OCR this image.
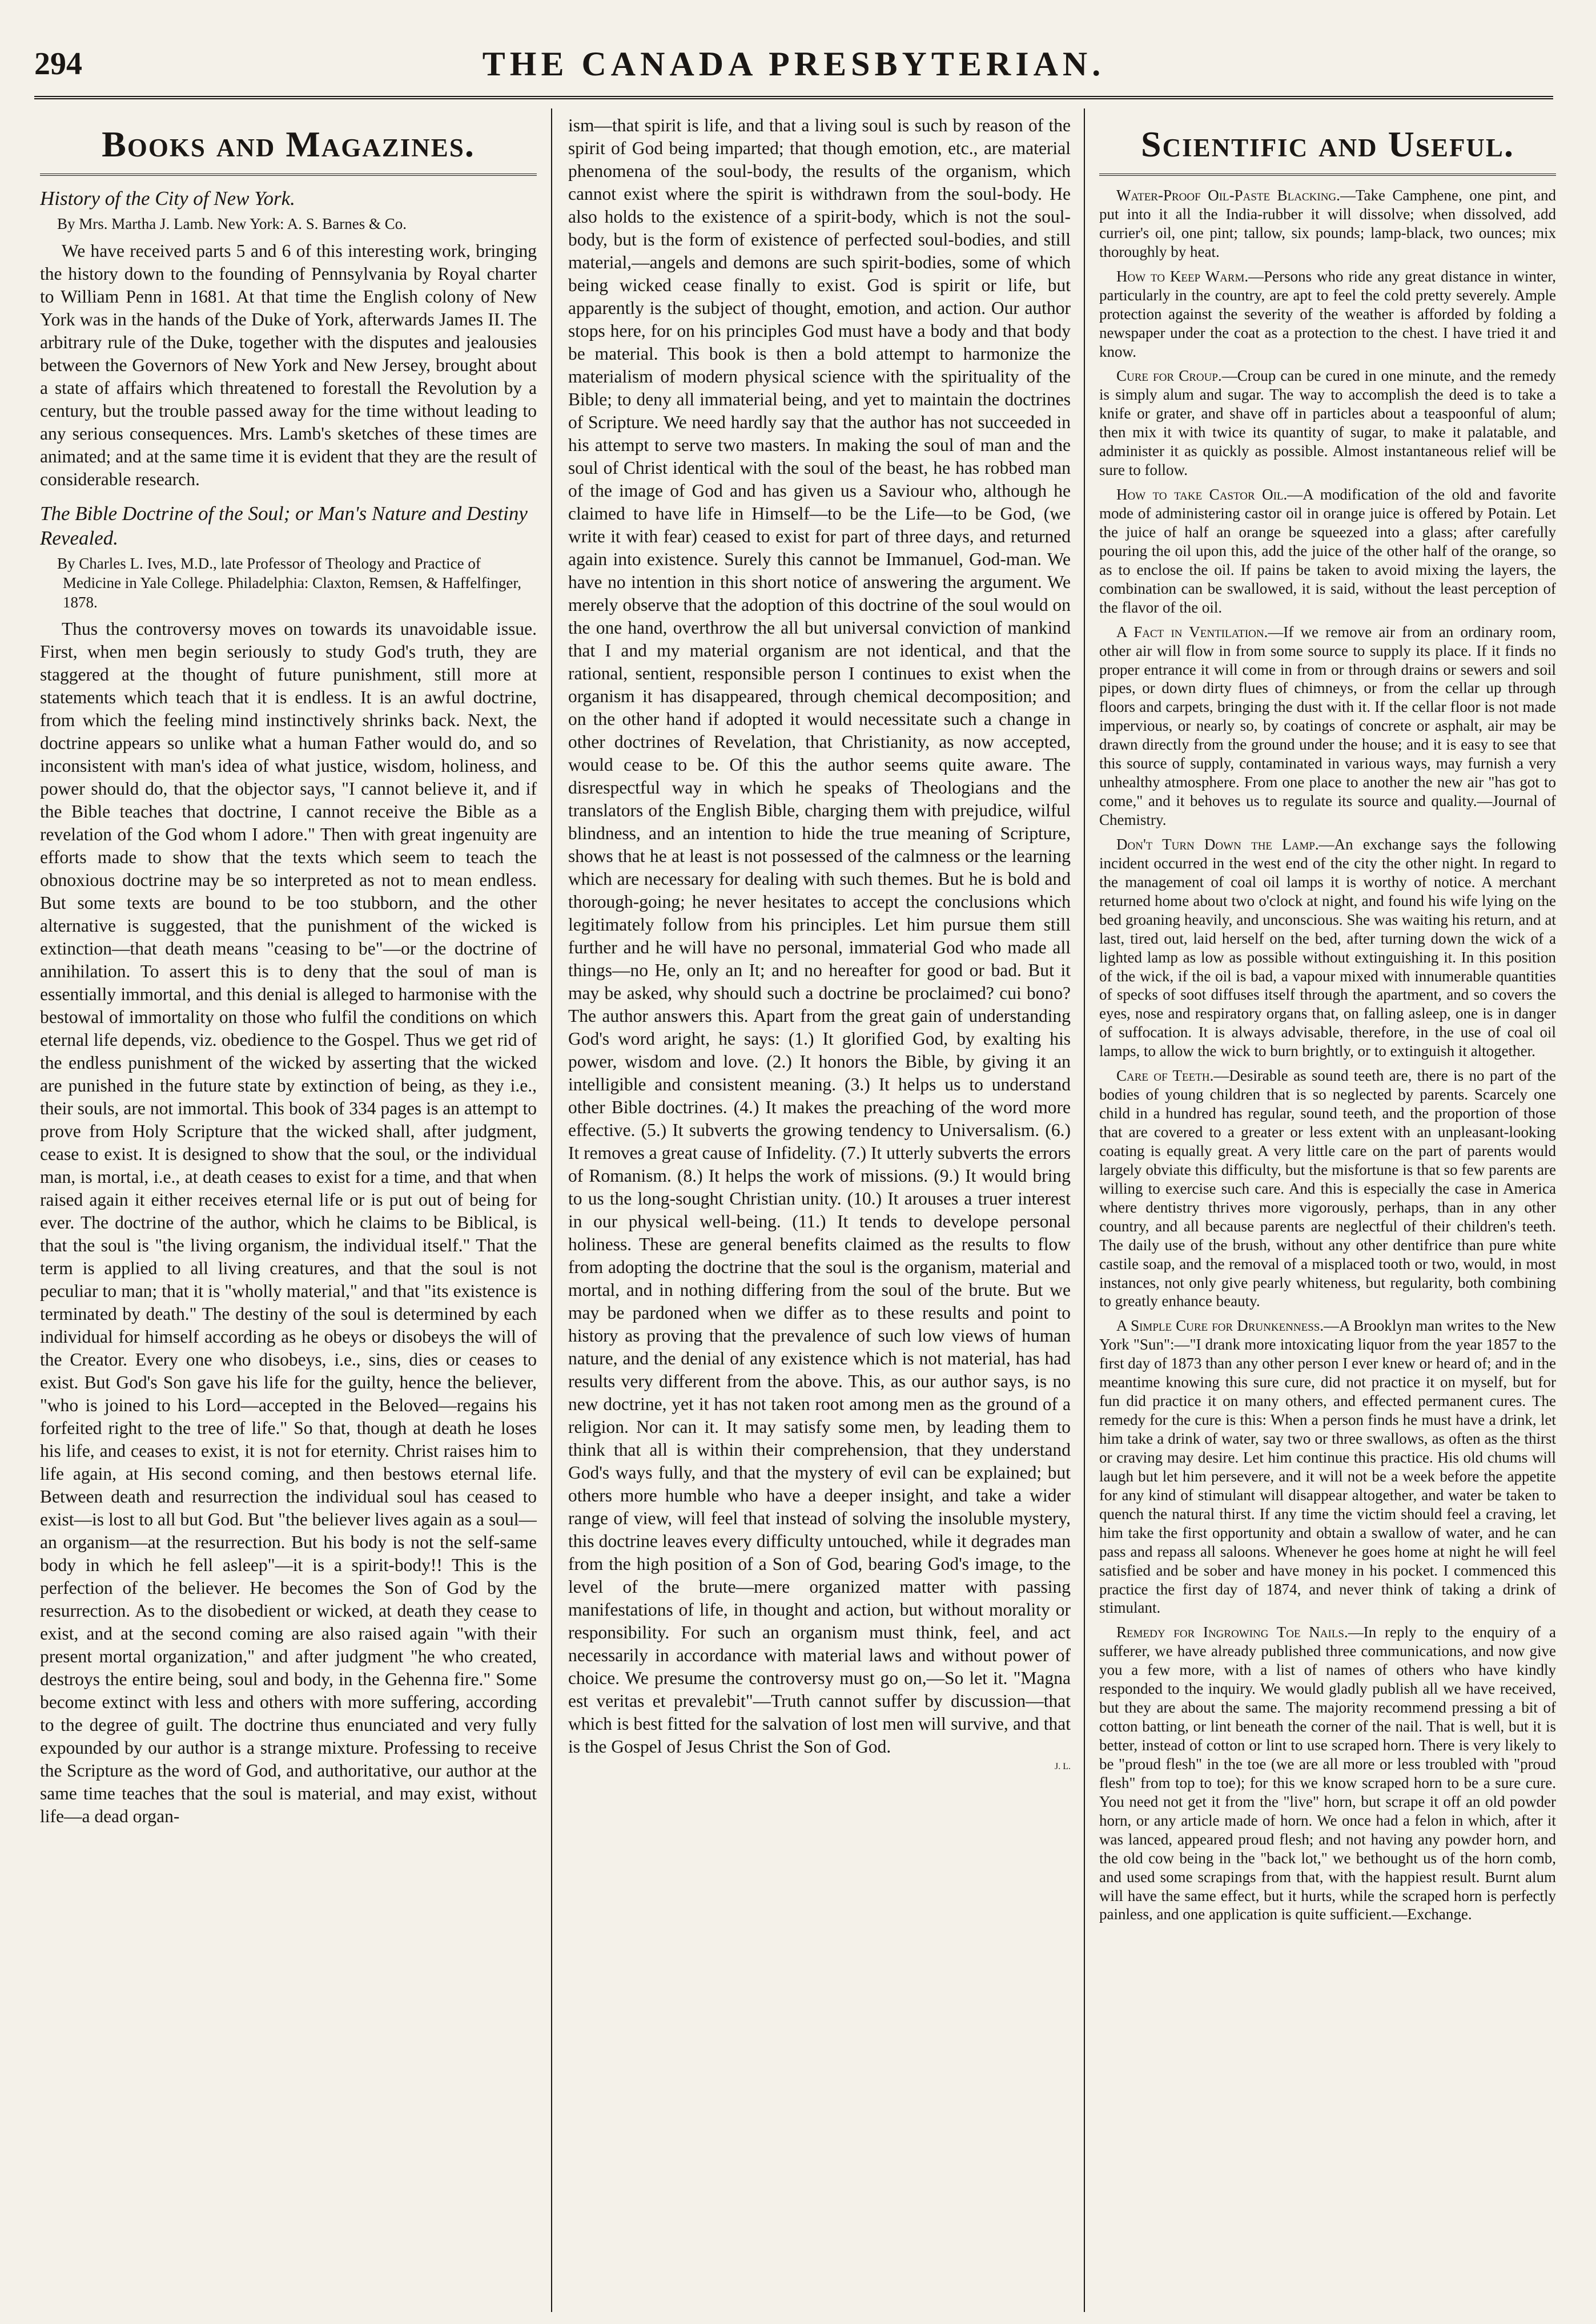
294	THE CANADA PRESBYTERIAN.
Books and Magazines.
History of the City of New York.
By Mrs. Martha J. Lamb. New York: A. S. Barnes & Co.

We have received parts 5 and 6 of this interesting work, bringing the history down to the founding of Pennsylvania by Royal charter to William Penn in 1681. At that time the English colony of New York was in the hands of the Duke of York, afterwards James II. The arbitrary rule of the Duke, together with the disputes and jealousies between the Governors of New York and New Jersey, brought about a state of affairs which threatened to forestall the Revolution by a century, but the trouble passed away for the time without leading to any serious consequences. Mrs. Lamb's sketches of these times are animated; and at the same time it is evident that they are the result of considerable research.

The Bible Doctrine of the Soul; or Man's Nature and Destiny Revealed.
By Charles L. Ives, M.D., late Professor of Theology and Practice of Medicine in Yale College. Philadelphia: Claxton, Remsen, & Haffelfinger, 1878.

Thus the controversy moves on towards its unavoidable issue. First, when men begin seriously to study God's truth, they are staggered at the thought of future punishment, still more at statements which teach that it is endless. It is an awful doctrine, from which the feeling mind instinctively shrinks back. Next, the doctrine appears so unlike what a human Father would do, and so inconsistent with man's idea of what justice, wisdom, holiness, and power should do, that the objector says, "I cannot believe it, and if the Bible teaches that doctrine, I cannot receive the Bible as a revelation of the God whom I adore." Then with great ingenuity are efforts made to show that the texts which seem to teach the obnoxious doctrine may be so interpreted as not to mean endless. But some texts are bound to be too stubborn, and the other alternative is suggested, that the punishment of the wicked is extinction—that death means "ceasing to be"—or the doctrine of annihilation. To assert this is to deny that the soul of man is essentially immortal, and this denial is alleged to harmonise with the bestowal of immortality on those who fulfil the conditions on which eternal life depends, viz. obedience to the Gospel. Thus we get rid of the endless punishment of the wicked by asserting that the wicked are punished in the future state by extinction of being, as they i.e., their souls, are not immortal. This book of 334 pages is an attempt to prove from Holy Scripture that the wicked shall, after judgment, cease to exist. It is designed to show that the soul, or the individual man, is mortal, i.e., at death ceases to exist for a time, and that when raised again it either receives eternal life or is put out of being for ever. The doctrine of the author, which he claims to be Biblical, is that the soul is "the living organism, the individual itself." That the term is applied to all living creatures, and that the soul is not peculiar to man; that it is "wholly material," and that "its existence is terminated by death." The destiny of the soul is determined by each individual for himself according as he obeys or disobeys the will of the Creator. Every one who disobeys, i.e., sins, dies or ceases to exist. But God's Son gave his life for the guilty, hence the believer, "who is joined to his Lord—accepted in the Beloved—regains his forfeited right to the tree of life." So that, though at death he loses his life, and ceases to exist, it is not for eternity. Christ raises him to life again, at His second coming, and then bestows eternal life. Between death and resurrection the individual soul has ceased to exist—is lost to all but God. But "the believer lives again as a soul—an organism—at the resurrection. But his body is not the self-same body in which he fell asleep"—it is a spirit-body!! This is the perfection of the believer. He becomes the Son of God by the resurrection. As to the disobedient or wicked, at death they cease to exist, and at the second coming are also raised again "with their present mortal organization," and after judgment "he who created, destroys the entire being, soul and body, in the Gehenna fire." Some become extinct with less and others with more suffering, according to the degree of guilt. The doctrine thus enunciated and very fully expounded by our author is a strange mixture. Professing to receive the Scripture as the word of God, and authoritative, our author at the same time teaches that the soul is material, and may exist, without life—a dead organ-

ism—that spirit is life, and that a living soul is such by reason of the spirit of God being imparted; that though emotion, etc., are material phenomena of the soul-body, the results of the organism, which cannot exist where the spirit is withdrawn from the soul-body. He also holds to the existence of a spirit-body, which is not the soul-body, but is the form of existence of perfected soul-bodies, and still material,—angels and demons are such spirit-bodies, some of which being wicked cease finally to exist. God is spirit or life, but apparently is the subject of thought, emotion, and action. Our author stops here, for on his principles God must have a body and that body be material. This book is then a bold attempt to harmonize the materialism of modern physical science with the spirituality of the Bible; to deny all immaterial being, and yet to maintain the doctrines of Scripture. We need hardly say that the author has not succeeded in his attempt to serve two masters. In making the soul of man and the soul of Christ identical with the soul of the beast, he has robbed man of the image of God and has given us a Saviour who, although he claimed to have life in Himself—to be the Life—to be God, (we write it with fear) ceased to exist for part of three days, and returned again into existence. Surely this cannot be Immanuel, God-man. We have no intention in this short notice of answering the argument. We merely observe that the adoption of this doctrine of the soul would on the one hand, overthrow the all but universal conviction of mankind that I and my material organism are not identical, and that the rational, sentient, responsible person I continues to exist when the organism it has disappeared, through chemical decomposition; and on the other hand if adopted it would necessitate such a change in other doctrines of Revelation, that Christianity, as now accepted, would cease to be. Of this the author seems quite aware. The disrespectful way in which he speaks of Theologians and the translators of the English Bible, charging them with prejudice, wilful blindness, and an intention to hide the true meaning of Scripture, shows that he at least is not possessed of the calmness or the learning which are necessary for dealing with such themes. But he is bold and thorough-going; he never hesitates to accept the conclusions which legitimately follow from his principles. Let him pursue them still further and he will have no personal, immaterial God who made all things—no He, only an It; and no hereafter for good or bad. But it may be asked, why should such a doctrine be proclaimed? cui bono? The author answers this. Apart from the great gain of understanding God's word aright, he says: (1.) It glorified God, by exalting his power, wisdom and love. (2.) It honors the Bible, by giving it an intelligible and consistent meaning. (3.) It helps us to understand other Bible doctrines. (4.) It makes the preaching of the word more effective. (5.) It subverts the growing tendency to Universalism. (6.) It removes a great cause of Infidelity. (7.) It utterly subverts the errors of Romanism. (8.) It helps the work of missions. (9.) It would bring to us the long-sought Christian unity. (10.) It arouses a truer interest in our physical well-being. (11.) It tends to develope personal holiness. These are general benefits claimed as the results to flow from adopting the doctrine that the soul is the organism, material and mortal, and in nothing differing from the soul of the brute. But we may be pardoned when we differ as to these results and point to history as proving that the prevalence of such low views of human nature, and the denial of any existence which is not material, has had results very different from the above. This, as our author says, is no new doctrine, yet it has not taken root among men as the ground of a religion. Nor can it. It may satisfy some men, by leading them to think that all is within their comprehension, that they understand God's ways fully, and that the mystery of evil can be explained; but others more humble who have a deeper insight, and take a wider range of view, will feel that instead of solving the insoluble mystery, this doctrine leaves every difficulty untouched, while it degrades man from the high position of a Son of God, bearing God's image, to the level of the brute—mere organized matter with passing manifestations of life, in thought and action, but without morality or responsibility. For such an organism must think, feel, and act necessarily in accordance with material laws and without power of choice. We presume the controversy must go on,—So let it. "Magna est veritas et prevalebit"—Truth cannot suffer by discussion—that which is best fitted for the salvation of lost men will survive, and that is the Gospel of Jesus Christ the Son of God.

J. L.
Scientific and Useful.

Water-Proof Oil-Paste Blacking.—Take Camphene, one pint, and put into it all the India-rubber it will dissolve; when dissolved, add currier's oil, one pint; tallow, six pounds; lamp-black, two ounces; mix thoroughly by heat.

How to Keep Warm.—Persons who ride any great distance in winter, particularly in the country, are apt to feel the cold pretty severely. Ample protection against the severity of the weather is afforded by folding a newspaper under the coat as a protection to the chest. I have tried it and know.

Cure for Croup.—Croup can be cured in one minute, and the remedy is simply alum and sugar. The way to accomplish the deed is to take a knife or grater, and shave off in particles about a teaspoonful of alum; then mix it with twice its quantity of sugar, to make it palatable, and administer it as quickly as possible. Almost instantaneous relief will be sure to follow.

How to take Castor Oil.—A modification of the old and favorite mode of administering castor oil in orange juice is offered by Potain. Let the juice of half an orange be squeezed into a glass; after carefully pouring the oil upon this, add the juice of the other half of the orange, so as to enclose the oil. If pains be taken to avoid mixing the layers, the combination can be swallowed, it is said, without the least perception of the flavor of the oil.

A Fact in Ventilation.—If we remove air from an ordinary room, other air will flow in from some source to supply its place. If it finds no proper entrance it will come in from or through drains or sewers and soil pipes, or down dirty flues of chimneys, or from the cellar up through floors and carpets, bringing the dust with it. If the cellar floor is not made impervious, or nearly so, by coatings of concrete or asphalt, air may be drawn directly from the ground under the house; and it is easy to see that this source of supply, contaminated in various ways, may furnish a very unhealthy atmosphere. From one place to another the new air "has got to come," and it behoves us to regulate its source and quality.—Journal of Chemistry.

Don't Turn Down the Lamp.—An exchange says the following incident occurred in the west end of the city the other night. In regard to the management of coal oil lamps it is worthy of notice. A merchant returned home about two o'clock at night, and found his wife lying on the bed groaning heavily, and unconscious. She was waiting his return, and at last, tired out, laid herself on the bed, after turning down the wick of a lighted lamp as low as possible without extinguishing it. In this position of the wick, if the oil is bad, a vapour mixed with innumerable quantities of specks of soot diffuses itself through the apartment, and so covers the eyes, nose and respiratory organs that, on falling asleep, one is in danger of suffocation. It is always advisable, therefore, in the use of coal oil lamps, to allow the wick to burn brightly, or to extinguish it altogether.

Care of Teeth.—Desirable as sound teeth are, there is no part of the bodies of young children that is so neglected by parents. Scarcely one child in a hundred has regular, sound teeth, and the proportion of those that are covered to a greater or less extent with an unpleasant-looking coating is equally great. A very little care on the part of parents would largely obviate this difficulty, but the misfortune is that so few parents are willing to exercise such care. And this is especially the case in America where dentistry thrives more vigorously, perhaps, than in any other country, and all because parents are neglectful of their children's teeth. The daily use of the brush, without any other dentifrice than pure white castile soap, and the removal of a misplaced tooth or two, would, in most instances, not only give pearly whiteness, but regularity, both combining to greatly enhance beauty.

A Simple Cure for Drunkenness.—A Brooklyn man writes to the New York "Sun":—"I drank more intoxicating liquor from the year 1857 to the first day of 1873 than any other person I ever knew or heard of; and in the meantime knowing this sure cure, did not practice it on myself, but for fun did practice it on many others, and effected permanent cures. The remedy for the cure is this: When a person finds he must have a drink, let him take a drink of water, say two or three swallows, as often as the thirst or craving may desire. Let him continue this practice. His old chums will laugh but let him persevere, and it will not be a week before the appetite for any kind of stimulant will disappear altogether, and water be taken to quench the natural thirst. If any time the victim should feel a craving, let him take the first opportunity and obtain a swallow of water, and he can pass and repass all saloons. Whenever he goes home at night he will feel satisfied and be sober and have money in his pocket. I commenced this practice the first day of 1874, and never think of taking a drink of stimulant.

Remedy for Ingrowing Toe Nails.—In reply to the enquiry of a sufferer, we have already published three communications, and now give you a few more, with a list of names of others who have kindly responded to the inquiry. We would gladly publish all we have received, but they are about the same. The majority recommend pressing a bit of cotton batting, or lint beneath the corner of the nail. That is well, but it is better, instead of cotton or lint to use scraped horn. There is very likely to be "proud flesh" in the toe (we are all more or less troubled with "proud flesh" from top to toe); for this we know scraped horn to be a sure cure. You need not get it from the "live" horn, but scrape it off an old powder horn, or any article made of horn. We once had a felon in which, after it was lanced, appeared proud flesh; and not having any powder horn, and the old cow being in the "back lot," we bethought us of the horn comb, and used some scrapings from that, with the happiest result. Burnt alum will have the same effect, but it hurts, while the scraped horn is perfectly painless, and one application is quite sufficient.—Exchange.
